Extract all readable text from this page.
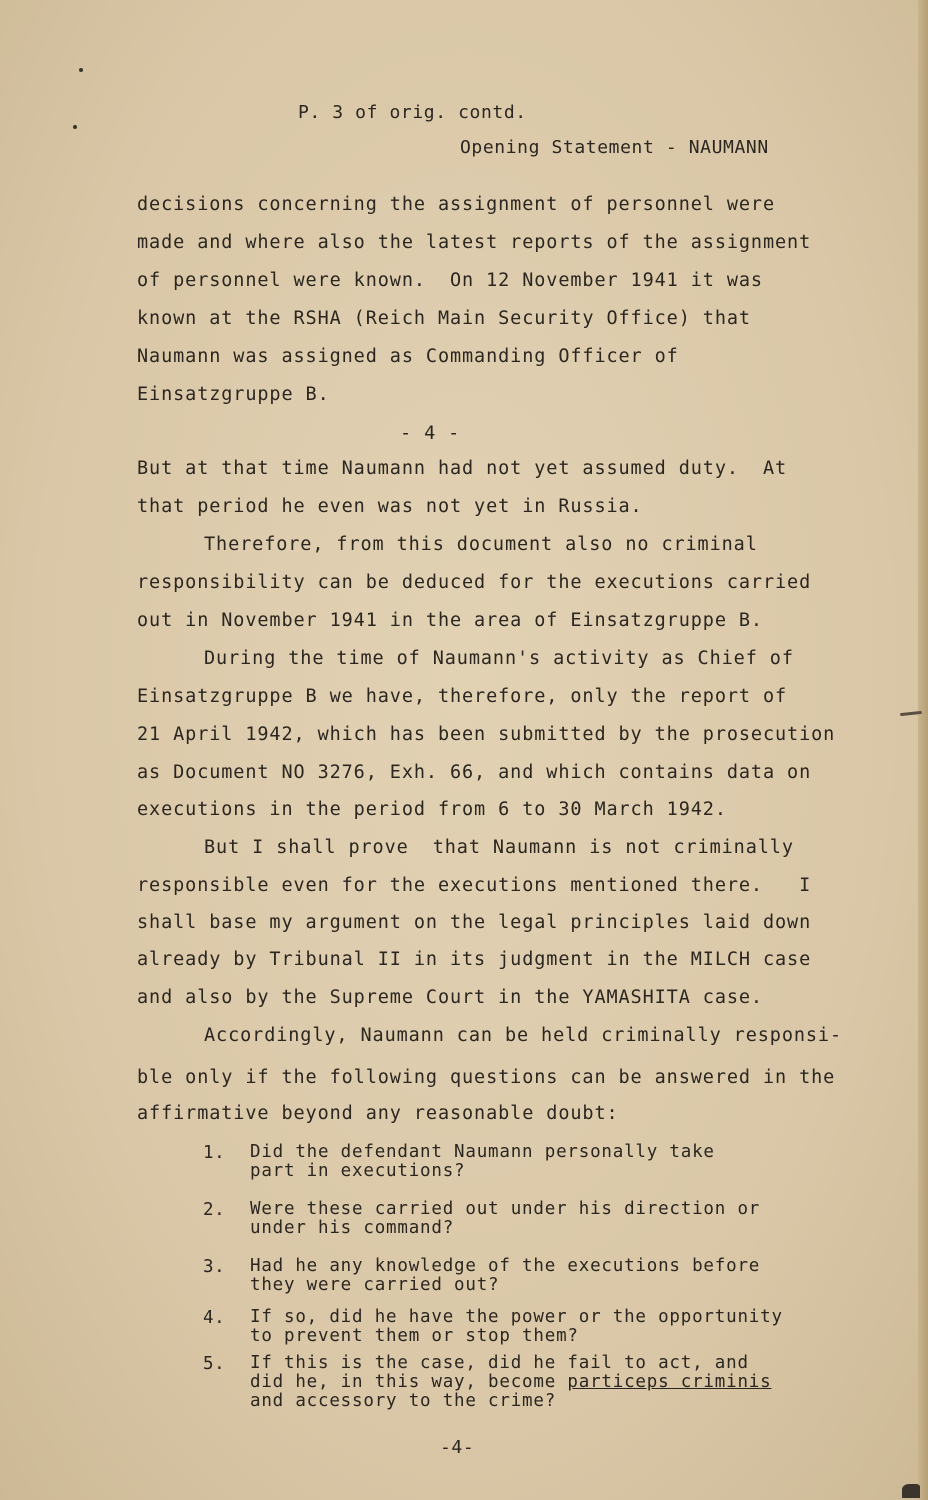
P. 3 of orig. contd.
Opening Statement - NAUMANN
decisions concerning the assignment of personnel were
made and where also the latest reports of the assignment
of personnel were known.  On 12 November 1941 it was
known at the RSHA (Reich Main Security Office) that
Naumann was assigned as Commanding Officer of
Einsatzgruppe B.
- 4 -
But at that time Naumann had not yet assumed duty.  At
that period he even was not yet in Russia.
Therefore, from this document also no criminal
responsibility can be deduced for the executions carried
out in November 1941 in the area of Einsatzgruppe B.
During the time of Naumann's activity as Chief of
Einsatzgruppe B we have, therefore, only the report of
21 April 1942, which has been submitted by the prosecution
as Document NO 3276, Exh. 66, and which contains data on
executions in the period from 6 to 30 March 1942.
But I shall prove  that Naumann is not criminally
responsible even for the executions mentioned there.   I
shall base my argument on the legal principles laid down
already by Tribunal II in its judgment in the MILCH case
and also by the Supreme Court in the YAMASHITA case.
Accordingly, Naumann can be held criminally responsi-
ble only if the following questions can be answered in the
affirmative beyond any reasonable doubt:
1. Did the defendant Naumann personally take
part in executions?
2. Were these carried out under his direction or
under his command?
3. Had he any knowledge of the executions before
they were carried out?
4. If so, did he have the power or the opportunity
to prevent them or stop them?
5. If this is the case, did he fail to act, and
did he, in this way, become particeps criminis
and accessory to the crime?
-4-
